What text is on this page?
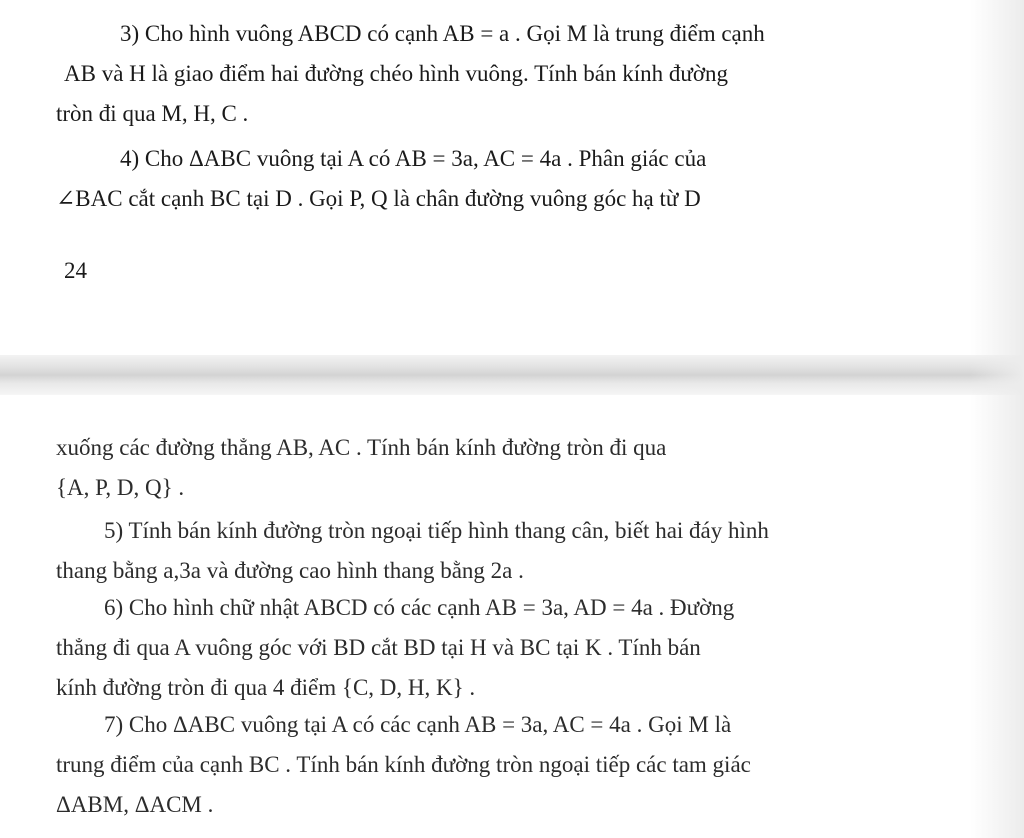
3) Cho hình vuông ABCD có cạnh AB = a . Gọi M là trung điểm cạnh
AB và H là giao điểm hai đường chéo hình vuông. Tính bán kính đường
tròn đi qua M, H, C .

4) Cho ΔABC vuông tại A có AB = 3a, AC = 4a . Phân giác của
∠BAC cắt cạnh BC tại D . Gọi P, Q là chân đường vuông góc hạ từ D

24

xuống các đường thẳng AB, AC . Tính bán kính đường tròn đi qua
{A, P, D, Q} .

5) Tính bán kính đường tròn ngoại tiếp hình thang cân, biết hai đáy hình
thang bằng a,3a và đường cao hình thang bằng 2a .

6) Cho hình chữ nhật ABCD có các cạnh AB = 3a, AD = 4a . Đường
thẳng đi qua A vuông góc với BD cắt BD tại H và BC tại K . Tính bán
kính đường tròn đi qua 4 điểm {C, D, H, K} .

7) Cho ΔABC vuông tại A có các cạnh AB = 3a, AC = 4a . Gọi M là
trung điểm của cạnh BC . Tính bán kính đường tròn ngoại tiếp các tam giác
ΔABM, ΔACM .
